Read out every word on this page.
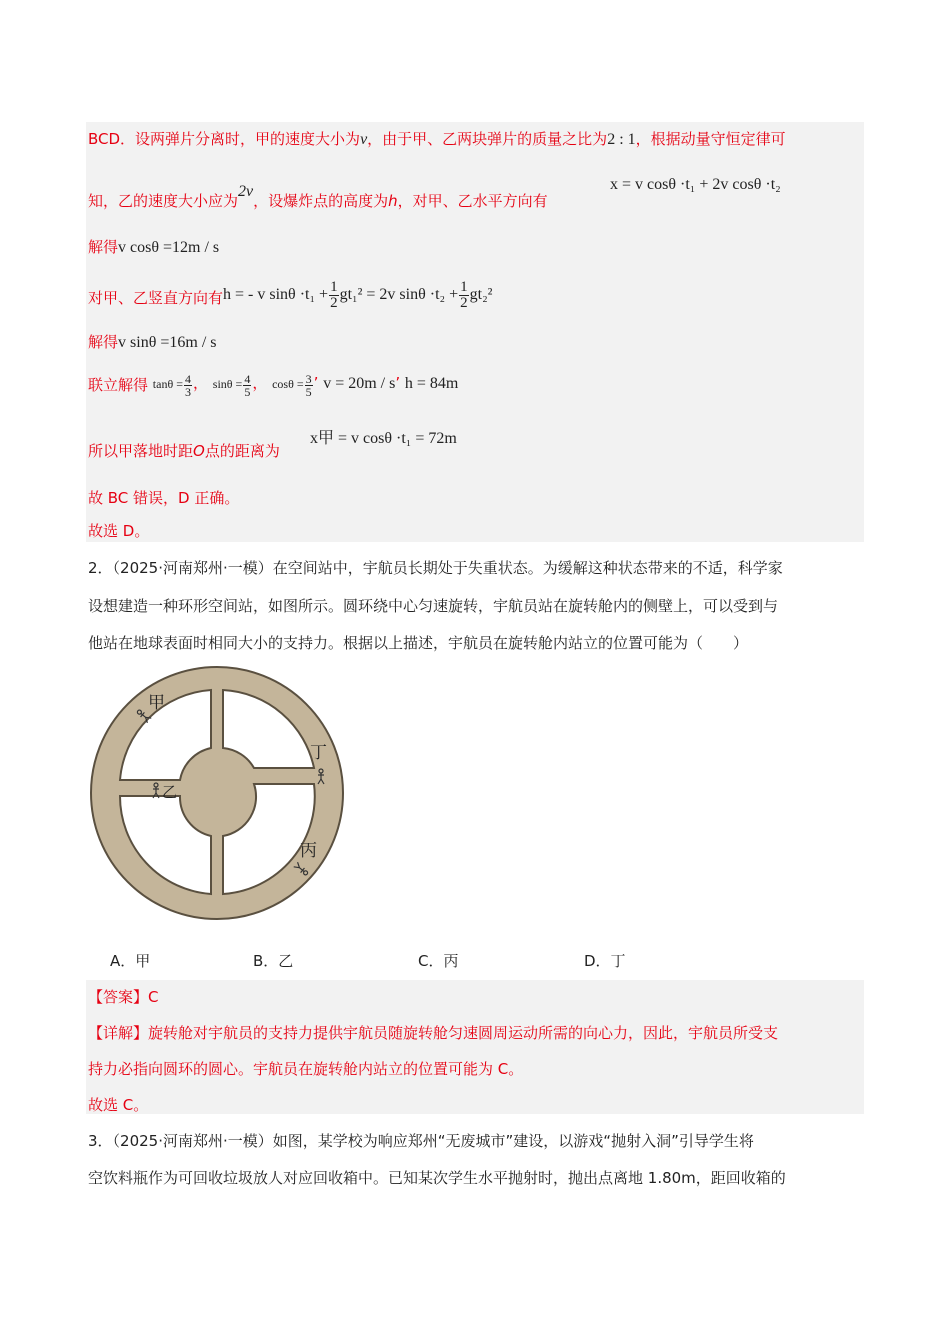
BCD．设两弹片分离时，甲的速度大小为v，由于甲、乙两块弹片的质量之比为2 : 1，根据动量守恒定律可
知，乙的速度大小应为2v，设爆炸点的高度为h，对甲、乙水平方向有
x = v cosθ ·t₁ + 2v cosθ ·t₂
解得v cosθ =12m / s
对甲、乙竖直方向有h = - v $\sin\theta \cdot t_1 + \frac{1}{2} gt_1^2 = 2v$ $\sin\theta \cdot t_2 + \frac{1}{2} gt_2^2$
解得v sinθ =16m / s
联立解得 $\tan\theta = \frac{4}{3}$ ， $\sin\theta = \frac{4}{5}$ ， $\cos\theta = \frac{3}{5}$ ’ v = 20m / s’ h = 84m
所以甲落地时距O点的距离为
x甲 = v cosθ ·t₁ = 72m
故 BC 错误，D 正确。
故选 D。
2．（2025·河南郑州·一模）在空间站中，宇航员长期处于失重状态。为缓解这种状态带来的不适，科学家
设想建造一种环形空间站，如图所示。圆环绕中心匀速旋转，宇航员站在旋转舱内的侧壁上，可以受到与
他站在地球表面时相同大小的支持力。根据以上描述，宇航员在旋转舱内站立的位置可能为（　　）
甲
乙
丁
丙
A．甲	B．乙	C．丙	D．丁
【答案】C
【详解】旋转舱对宇航员的支持力提供宇航员随旋转舱匀速圆周运动所需的向心力，因此，宇航员所受支
持力必指向圆环的圆心。宇航员在旋转舱内站立的位置可能为 C。
故选 C。
3．（2025·河南郑州·一模）如图，某学校为响应郑州“无废城市”建设，以游戏“抛射入洞”引导学生将
空饮料瓶作为可回收垃圾放人对应回收箱中。已知某次学生水平抛射时，抛出点离地 1.80m，距回收箱的
